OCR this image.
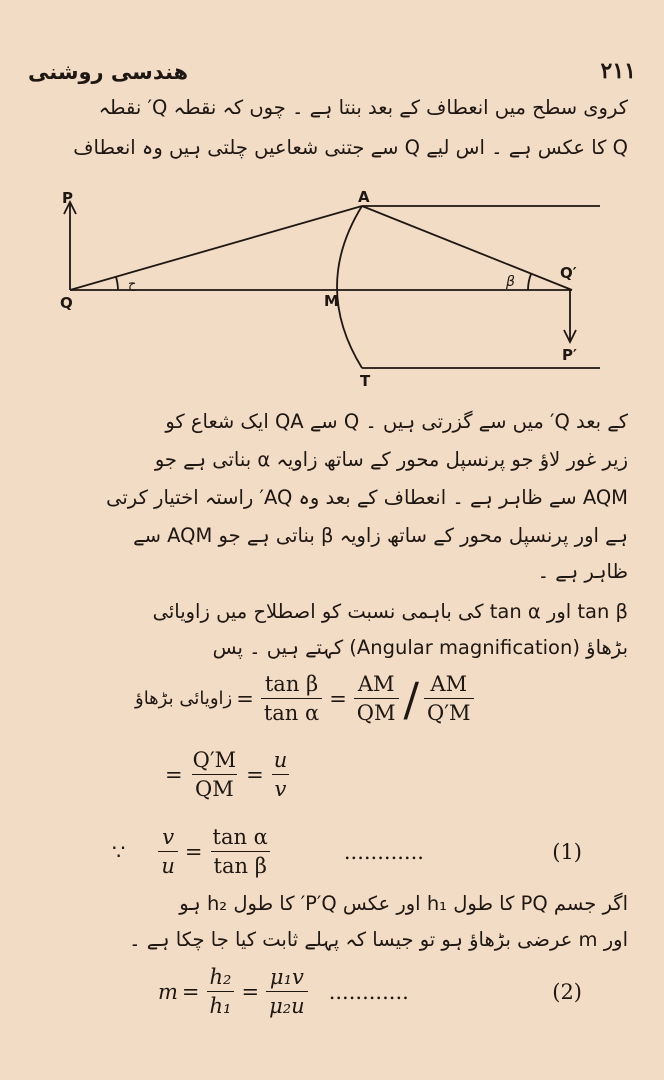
هندسی روشنی	٢١١
کروی سطح میں انعطاف کے بعد بنتا ہے ۔ چوں کہ نقطہ Q′ نقطہ
Q کا عکس ہے ۔ اس لیے Q سے جتنی شعاعیں چلتی ہیں وہ انعطاف
P	A
Q
ح
M
β	Q′
P′
T
کے بعد Q′ میں سے گزرتی ہیں ۔ Q سے QA ایک شعاع کو
زیر غور لاؤ جو پرنسپل محور کے ساتھ زاویہ α بناتی ہے جو
AQM سے ظاہر ہے ۔ انعطاف کے بعد وہ AQ′ راستہ اختیار کرتی
ہے اور پرنسپل محور کے ساتھ زاویہ β بناتی ہے جو AQM سے
ظاہر ہے ۔
tan β اور tan α کی باہمی نسبت کو اصطلاح میں زاویائی
بڑھاؤ (Angular magnification) کہتے ہیں ۔ پس
زاویائی بڑھاؤ = $\frac{\text{tan β}}{\text{tan α}} = \frac{AM}{QM} / \frac{AM}{Q'M}$
= $\frac{Q'M}{QM} = \frac{u}{v}$
∵ $\frac{v}{u} = \frac{\text{tan α}}{\text{tan β}}$	............	(1)
اگر جسم PQ کا طول h₁ اور عکس P′Q′ کا طول h₂ ہو
اور m عرضی بڑھاؤ ہو تو جیسا کہ پہلے ثابت کیا جا چکا ہے ۔
$m = \frac{\text{h₂}}{\text{h₁}} = \frac{\text{μ₁v}}{\text{μ₂u}}$ ............	(2)
